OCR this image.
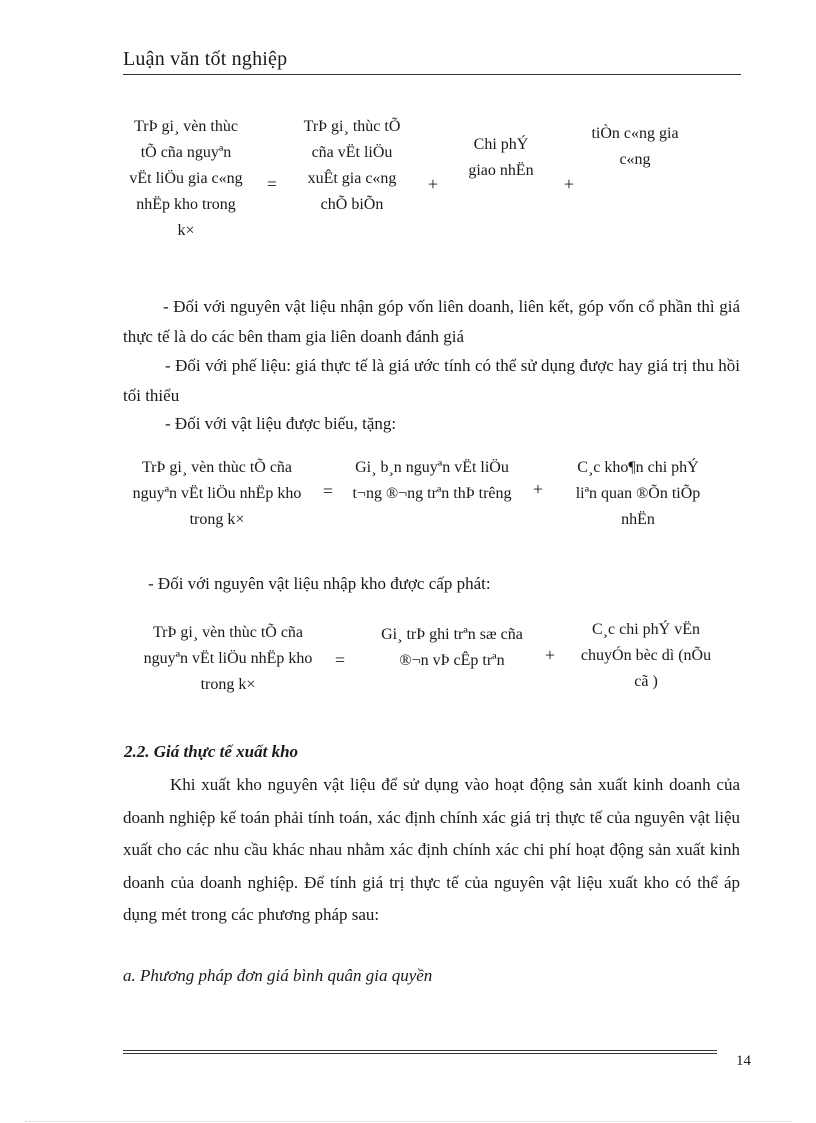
Luận văn tốt nghiệp
TrÞ gi¸ vèn thùc tÕ cña nguyªn vËt liÖu gia c«ng nhËp kho trong k×
=
TrÞ gi¸ thùc tÕ cña vËt liÖu xuÊt gia c«ng chÕ biÕn
+
Chi phÝ giao nhËn
+
tiÒn c«ng gia c«ng
- Đối với nguyên vật liệu nhận góp vốn liên doanh, liên kết, góp vốn cổ phần thì giá thực tế là do các bên tham gia liên doanh đánh giá
- Đối với phế liệu: giá thực tế là giá ước tính có thể sử dụng được hay giá trị thu hồi tối thiểu
- Đối với vật liệu được biếu, tặng:
TrÞ gi¸ vèn thùc tÕ cña nguyªn vËt liÖu nhËp kho trong k×
=
Gi¸ b¸n nguyªn vËt liÖu t¬ng ®¬ng trªn thÞ trêng +
C¸c kho¶n chi phÝ liªn quan ®Õn tiÕp nhËn
- Đối với nguyên vật liệu nhập kho được cấp phát:
TrÞ gi¸ vèn thùc tÕ cña nguyªn vËt liÖu nhËp kho trong k×
=
Gi¸ trÞ ghi trªn sæ cña ®¬n vÞ cÊp trªn	+
C¸c chi phÝ vËn chuyÓn bèc dì (nÕu cã )
2.2. Giá thực tế xuất kho
Khi xuất kho nguyên vật liệu để sử dụng vào hoạt động sản xuất kinh doanh của doanh nghiệp kế toán phải tính toán, xác định chính xác giá trị thực tế của nguyên vật liệu xuất cho các nhu cầu khác nhau nhằm xác định chính xác chi phí hoạt động sản xuất kinh doanh của doanh nghiệp. Để tính giá trị thực tế của nguyên vật liệu xuất kho có thể áp dụng mét trong các phương pháp sau:
a. Phương pháp đơn giá bình quân gia quyền
14
